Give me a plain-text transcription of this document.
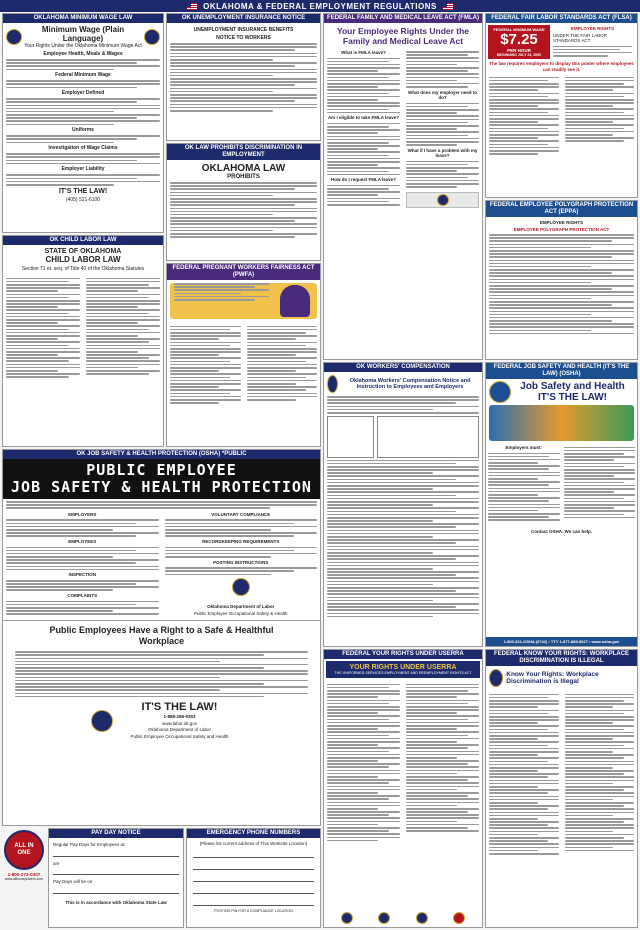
OKLAHOMA & FEDERAL EMPLOYMENT REGULATIONS
OKLAHOMA MINIMUM WAGE LAW
Minimum Wage (Plain Language)
Your Rights Under the Oklahoma Minimum Wage Act
Employee Health, Meals & Wages
Federal Minimum Wage
Employer Defined
Uniforms
Investigation of Wage Claims
Employer Liability
IT'S THE LAW!
(405) 521-6100
OK UNEMPLOYMENT INSURANCE NOTICE
UNEMPLOYMENT INSURANCE BENEFITS
NOTICE TO WORKERS
OK LAW PROHIBITS DISCRIMINATION IN EMPLOYMENT
OKLAHOMA LAW
PROHIBITS
FEDERAL FAMILY AND MEDICAL LEAVE ACT (FMLA)
Your Employee Rights Under the Family and Medical Leave Act
What is FMLA leave?
Am I eligible to take FMLA leave?
How do I request FMLA leave?
What does my employer need to do?
What if I have a problem with my leave?
FEDERAL FAIR LABOR STANDARDS ACT (FLSA)
FEDERAL MINIMUM WAGE
$7.25
PER HOUR
BEGINNING JULY 24, 2009
EMPLOYEE RIGHTS
UNDER THE FAIR LABOR STANDARDS ACT
The law requires employers to display this poster where employees can readily see it.
FEDERAL EMPLOYEE POLYGRAPH PROTECTION ACT (EPPA)
EMPLOYEE RIGHTS
EMPLOYEE POLYGRAPH PROTECTION ACT
OK CHILD LABOR LAW
STATE OF OKLAHOMA
CHILD LABOR LAW
Section 71 et. seq. of Title 40 of the Oklahoma Statutes	FEDERAL PREGNANT WORKERS FAIRNESS ACT (PWFA)
OK WORKERS' COMPENSATION
Oklahoma Workers' Compensation Notice and Instruction to Employees and Employers
FEDERAL JOB SAFETY AND HEALTH (IT'S THE LAW) (OSHA)
Job Safety and Health
IT'S THE LAW!
Employers must:
Contact OSHA. We can help.
1-800-321-OSHA (6742) • TTY 1-877-889-5627 • www.osha.gov
OK JOB SAFETY & HEALTH PROTECTION (OSHA) *PUBLIC
PUBLIC EMPLOYEE
JOB SAFETY & HEALTH PROTECTION
EMPLOYERS
EMPLOYEES
INSPECTION
COMPLAINTS
VOLUNTARY COMPLIANCE
RECORDKEEPING REQUIREMENTS
POSTING INSTRUCTIONS
Oklahoma Department of Labor
Public Employee Occupational Safety & Health
Public Employees Have a Right to a Safe & Healthful Workplace
IT'S THE LAW!
1-888-269-5353
www.labor.ok.gov
Oklahoma Department of Labor
Public Employee Occupational Safety and Health
FEDERAL YOUR RIGHTS UNDER USERRA
YOUR RIGHTS UNDER USERRA
THE UNIFORMED SERVICES EMPLOYMENT AND REEMPLOYMENT RIGHTS ACT
FEDERAL KNOW YOUR RIGHTS: WORKPLACE DISCRIMINATION IS ILLEGAL
Know Your Rights: Workplace Discrimination is Illegal
ALL IN ONE
1-800-273-0307
www.allinoneposters.com
PAY DAY NOTICE
Regular Pay Days for Employees at:
are
Pay Days will be on
This is in accordance with Oklahoma State Law
EMERGENCY PHONE NUMBERS
(Please list current address of This Worksite Location)
POSTING PIN FOR A COMPLIANCE LOCATION
